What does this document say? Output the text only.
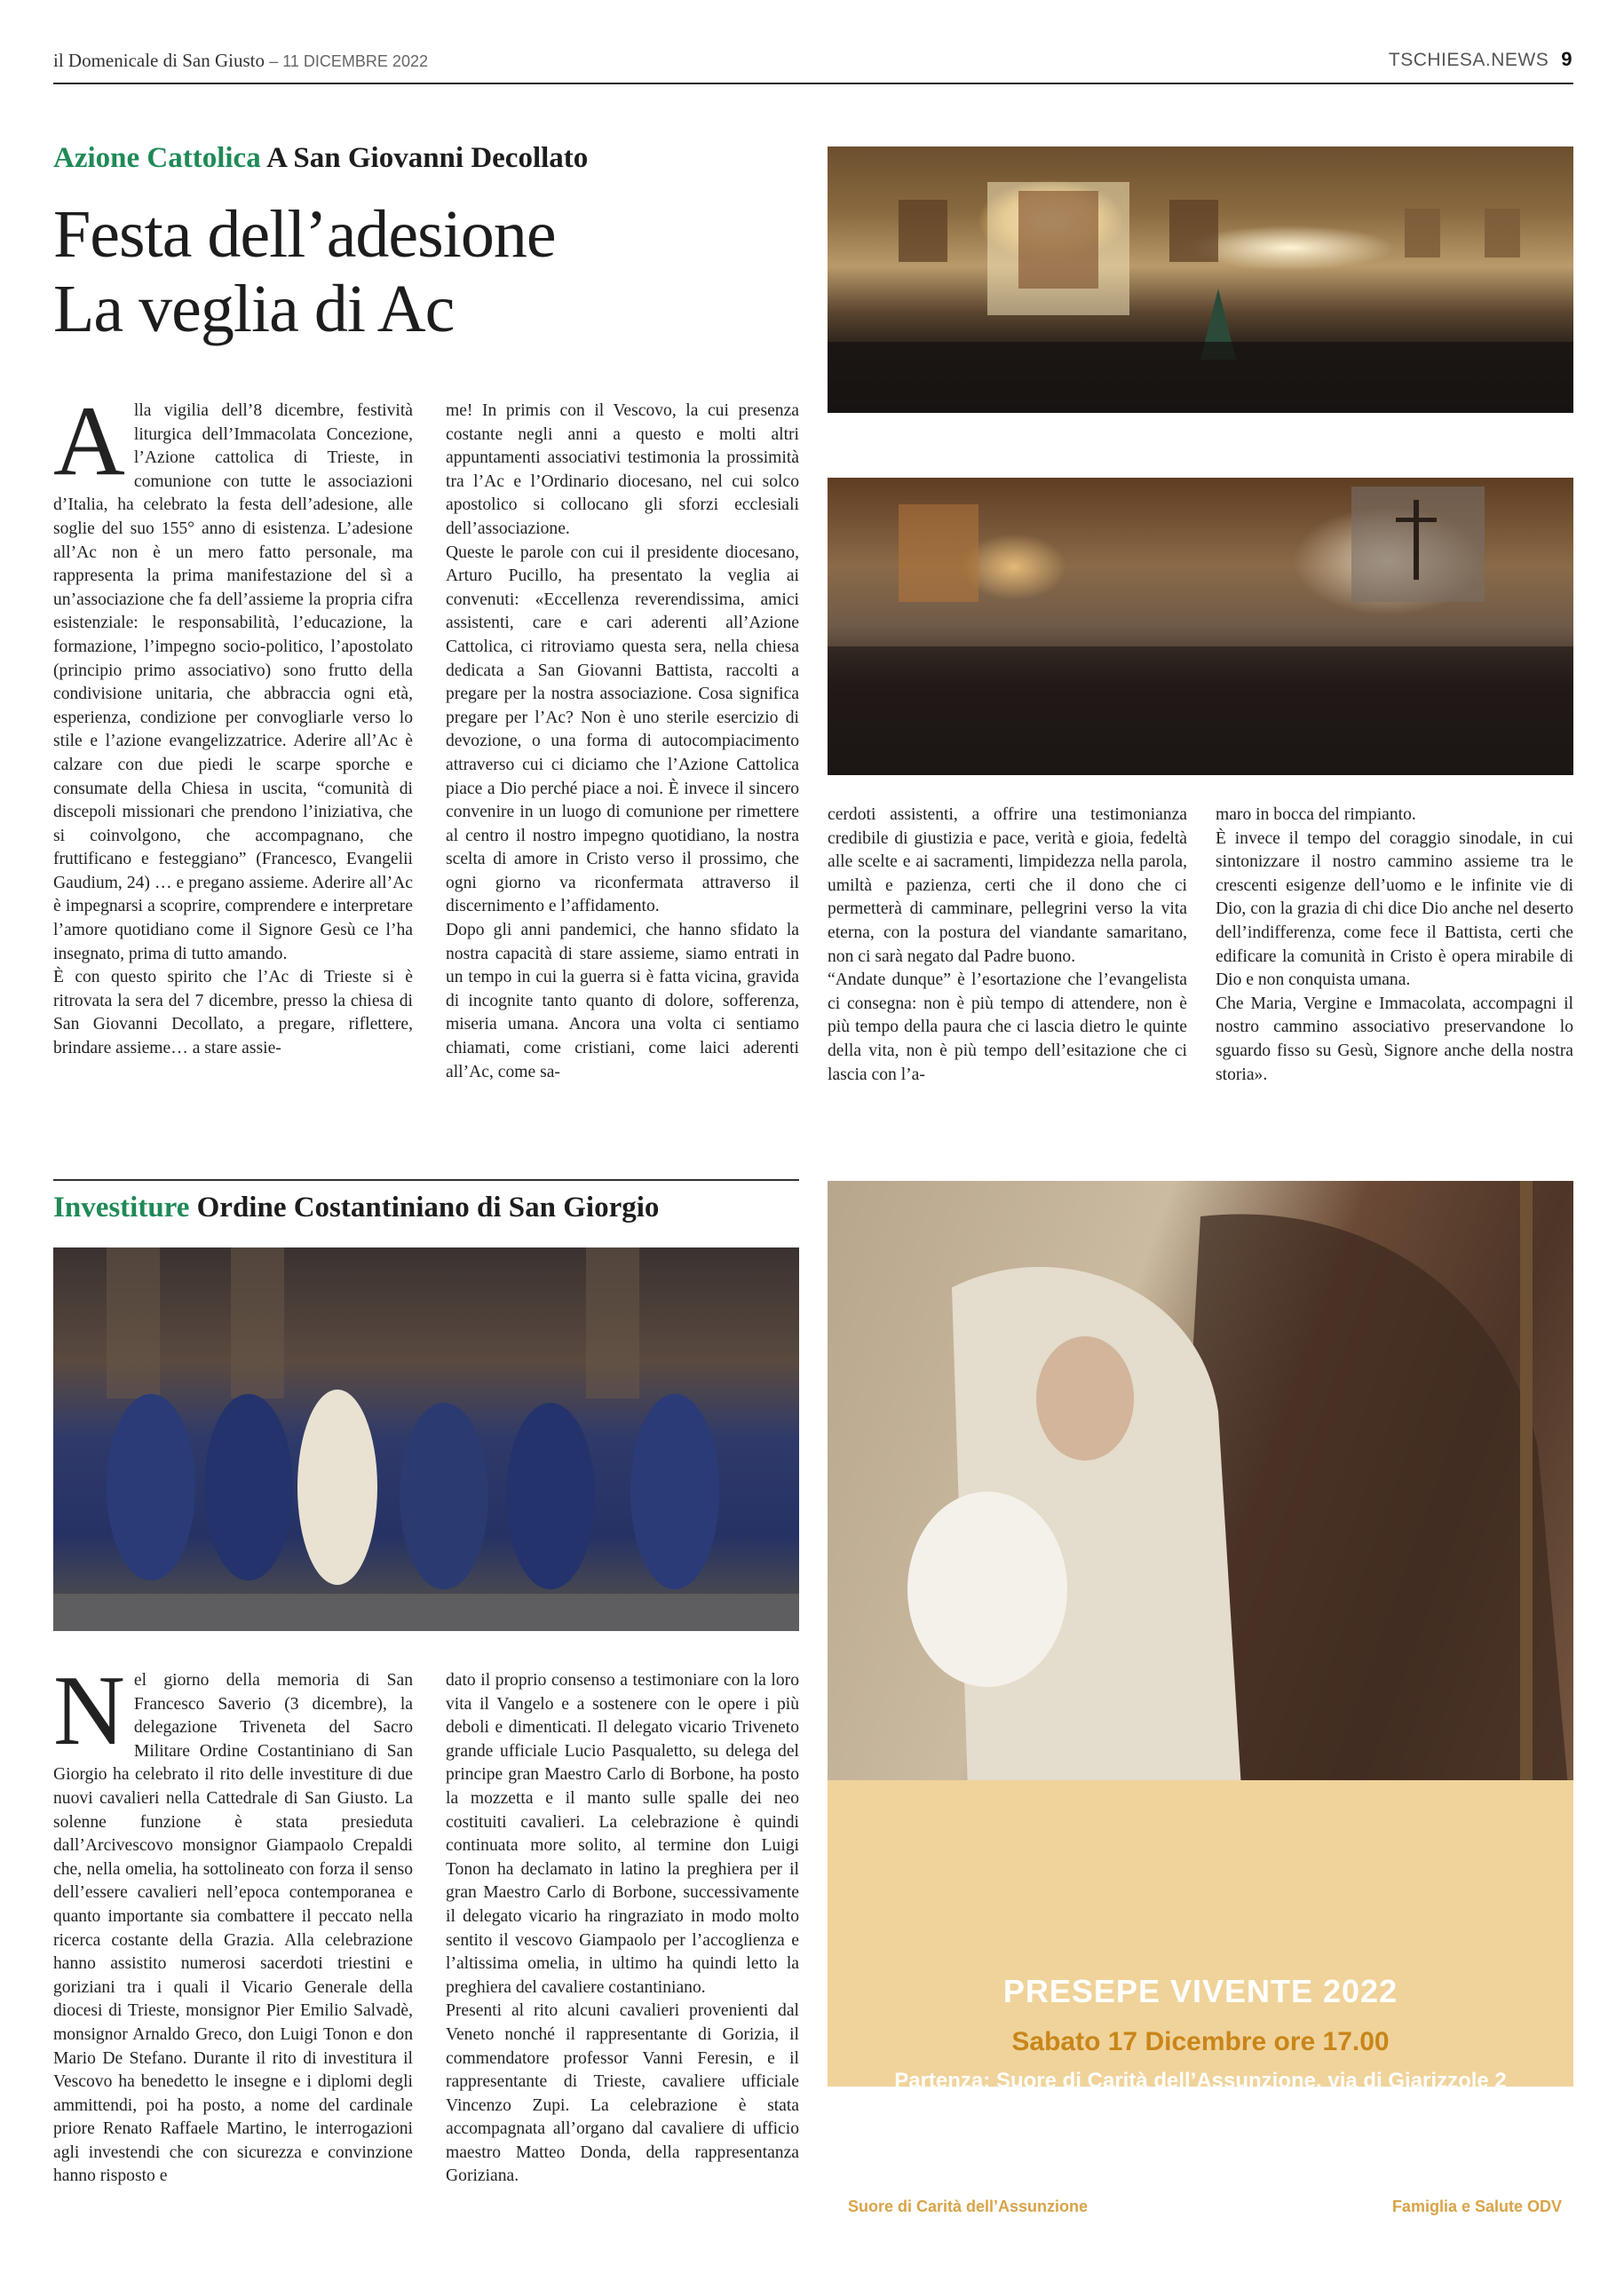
il Domenicale di San Giusto – 11 DICEMBRE 2022	TSCHIESA.NEWS 9
Azione Cattolica A San Giovanni Decollato
Festa dell’adesione
La veglia di Ac
A lla vigilia dell’8 dicembre, festività liturgica dell’Immacolata Concezione, l’Azione cattolica di Trieste, in comunione con tutte le associazioni d’Italia, ha celebrato la festa dell’adesione, alle soglie del suo 155° anno di esistenza. L’adesione all’Ac non è un mero fatto personale, ma rappresenta la prima manifestazione del sì a un’associazione che fa dell’assieme la propria cifra esistenziale: le responsabilità, l’educazione, la formazione, l’impegno socio-politico, l’apostolato (principio primo associativo) sono frutto della condivisione unitaria, che abbraccia ogni età, esperienza, condizione per convogliarle verso lo stile e l’azione evangelizzatrice. Aderire all’Ac è calzare con due piedi le scarpe sporche e consumate della Chiesa in uscita, “comunità di discepoli missionari che prendono l’iniziativa, che si coinvolgono, che accompagnano, che fruttificano e festeggiano” (Francesco, Evangelii Gaudium, 24) … e pregano assieme. Aderire all’Ac è impegnarsi a scoprire, comprendere e interpretare l’amore quotidiano come il Signore Gesù ce l’ha insegnato, prima di tutto amando.

È con questo spirito che l’Ac di Trieste si è ritrovata la sera del 7 dicembre, presso la chiesa di San Giovanni Decollato, a pregare, riflettere, brindare assieme… a stare assie-

me! In primis con il Vescovo, la cui presenza costante negli anni a questo e molti altri appuntamenti associativi testimonia la prossimità tra l’Ac e l’Ordinario diocesano, nel cui solco apostolico si collocano gli sforzi ecclesiali dell’associazione.

Queste le parole con cui il presidente diocesano, Arturo Pucillo, ha presentato la veglia ai convenuti: «Eccellenza reverendissima, amici assistenti, care e cari aderenti all’Azione Cattolica, ci ritroviamo questa sera, nella chiesa dedicata a San Giovanni Battista, raccolti a pregare per la nostra associazione. Cosa significa pregare per l’Ac? Non è uno sterile esercizio di devozione, o una forma di autocompiacimento attraverso cui ci diciamo che l’Azione Cattolica piace a Dio perché piace a noi. È invece il sincero convenire in un luogo di comunione per rimettere al centro il nostro impegno quotidiano, la nostra scelta di amore in Cristo verso il prossimo, che ogni giorno va riconfermata attraverso il discernimento e l’affidamento.

Dopo gli anni pandemici, che hanno sfidato la nostra capacità di stare assieme, siamo entrati in un tempo in cui la guerra si è fatta vicina, gravida di incognite tanto quanto di dolore, sofferenza, miseria umana. Ancora una volta ci sentiamo chiamati, come cristiani, come laici aderenti all’Ac, come sa-

cerdoti assistenti, a offrire una testimonianza credibile di giustizia e pace, verità e gioia, fedeltà alle scelte e ai sacramenti, limpidezza nella parola, umiltà e pazienza, certi che il dono che ci permetterà di camminare, pellegrini verso la vita eterna, con la postura del viandante samaritano, non ci sarà negato dal Padre buono.

“Andate dunque” è l’esortazione che l’evangelista ci consegna: non è più tempo di attendere, non è più tempo della paura che ci lascia dietro le quinte della vita, non è più tempo dell’esitazione che ci lascia con l’a-

maro in bocca del rimpianto.

È invece il tempo del coraggio sinodale, in cui sintonizzare il nostro cammino assieme tra le crescenti esigenze dell’uomo e le infinite vie di Dio, con la grazia di chi dice Dio anche nel deserto dell’indifferenza, come fece il Battista, certi che edificare la comunità in Cristo è opera mirabile di Dio e non conquista umana.

Che Maria, Vergine e Immacolata, accompagni il nostro cammino associativo preservandone lo sguardo fisso su Gesù, Signore anche della nostra storia».

Investiture Ordine Costantiniano di San Giorgio
N el giorno della memoria di San Francesco Saverio (3 dicembre), la delegazione Triveneta del Sacro Militare Ordine Costantiniano di San Giorgio ha celebrato il rito delle investiture di due nuovi cavalieri nella Cattedrale di San Giusto. La solenne funzione è stata presieduta dall’Arcivescovo monsignor Giampaolo Crepaldi che, nella omelia, ha sottolineato con forza il senso dell’essere cavalieri nell’epoca contemporanea e quanto importante sia combattere il peccato nella ricerca costante della Grazia. Alla celebrazione hanno assistito numerosi sacerdoti triestini e goriziani tra i quali il Vicario Generale della diocesi di Trieste, monsignor Pier Emilio Salvadè, monsignor Arnaldo Greco, don Luigi Tonon e don Mario De Stefano. Durante il rito di investitura il Vescovo ha benedetto le insegne e i diplomi degli ammittendi, poi ha posto, a nome del cardinale priore Renato Raffaele Martino, le interrogazioni agli investendi che con sicurezza e convinzione hanno risposto e

dato il proprio consenso a testimoniare con la loro vita il Vangelo e a sostenere con le opere i più deboli e dimenticati. Il delegato vicario Triveneto grande ufficiale Lucio Pasqualetto, su delega del principe gran Maestro Carlo di Borbone, ha posto la mozzetta e il manto sulle spalle dei neo costituiti cavalieri. La celebrazione è quindi continuata more solito, al termine don Luigi Tonon ha declamato in latino la preghiera per il gran Maestro Carlo di Borbone, successivamente il delegato vicario ha ringraziato in modo molto sentito il vescovo Giampaolo per l’accoglienza e l’altissima omelia, in ultimo ha quindi letto la preghiera del cavaliere costantiniano.

Presenti al rito alcuni cavalieri provenienti dal Veneto nonché il rappresentante di Gorizia, il commendatore professor Vanni Feresin, e il rappresentante di Trieste, cavaliere ufficiale Vincenzo Zupi. La celebrazione è stata accompagnata all’organo dal cavaliere di ufficio maestro Matteo Donda, della rappresentanza Goriziana.

PRESEPE VIVENTE 2022
Sabato 17 Dicembre ore 17.00
Partenza: Suore di Carità dell’Assunzione, via di Giarizzole 2
Conclusione: Chiesa Beata Vergine Addolorata, via Valmaura 7
Le offerte raccolte andranno a sostegno del progetto AVSI
“In Ucraina la pace si può”
Suore di Carità dell’Assunzione	Famiglia e Salute ODV
